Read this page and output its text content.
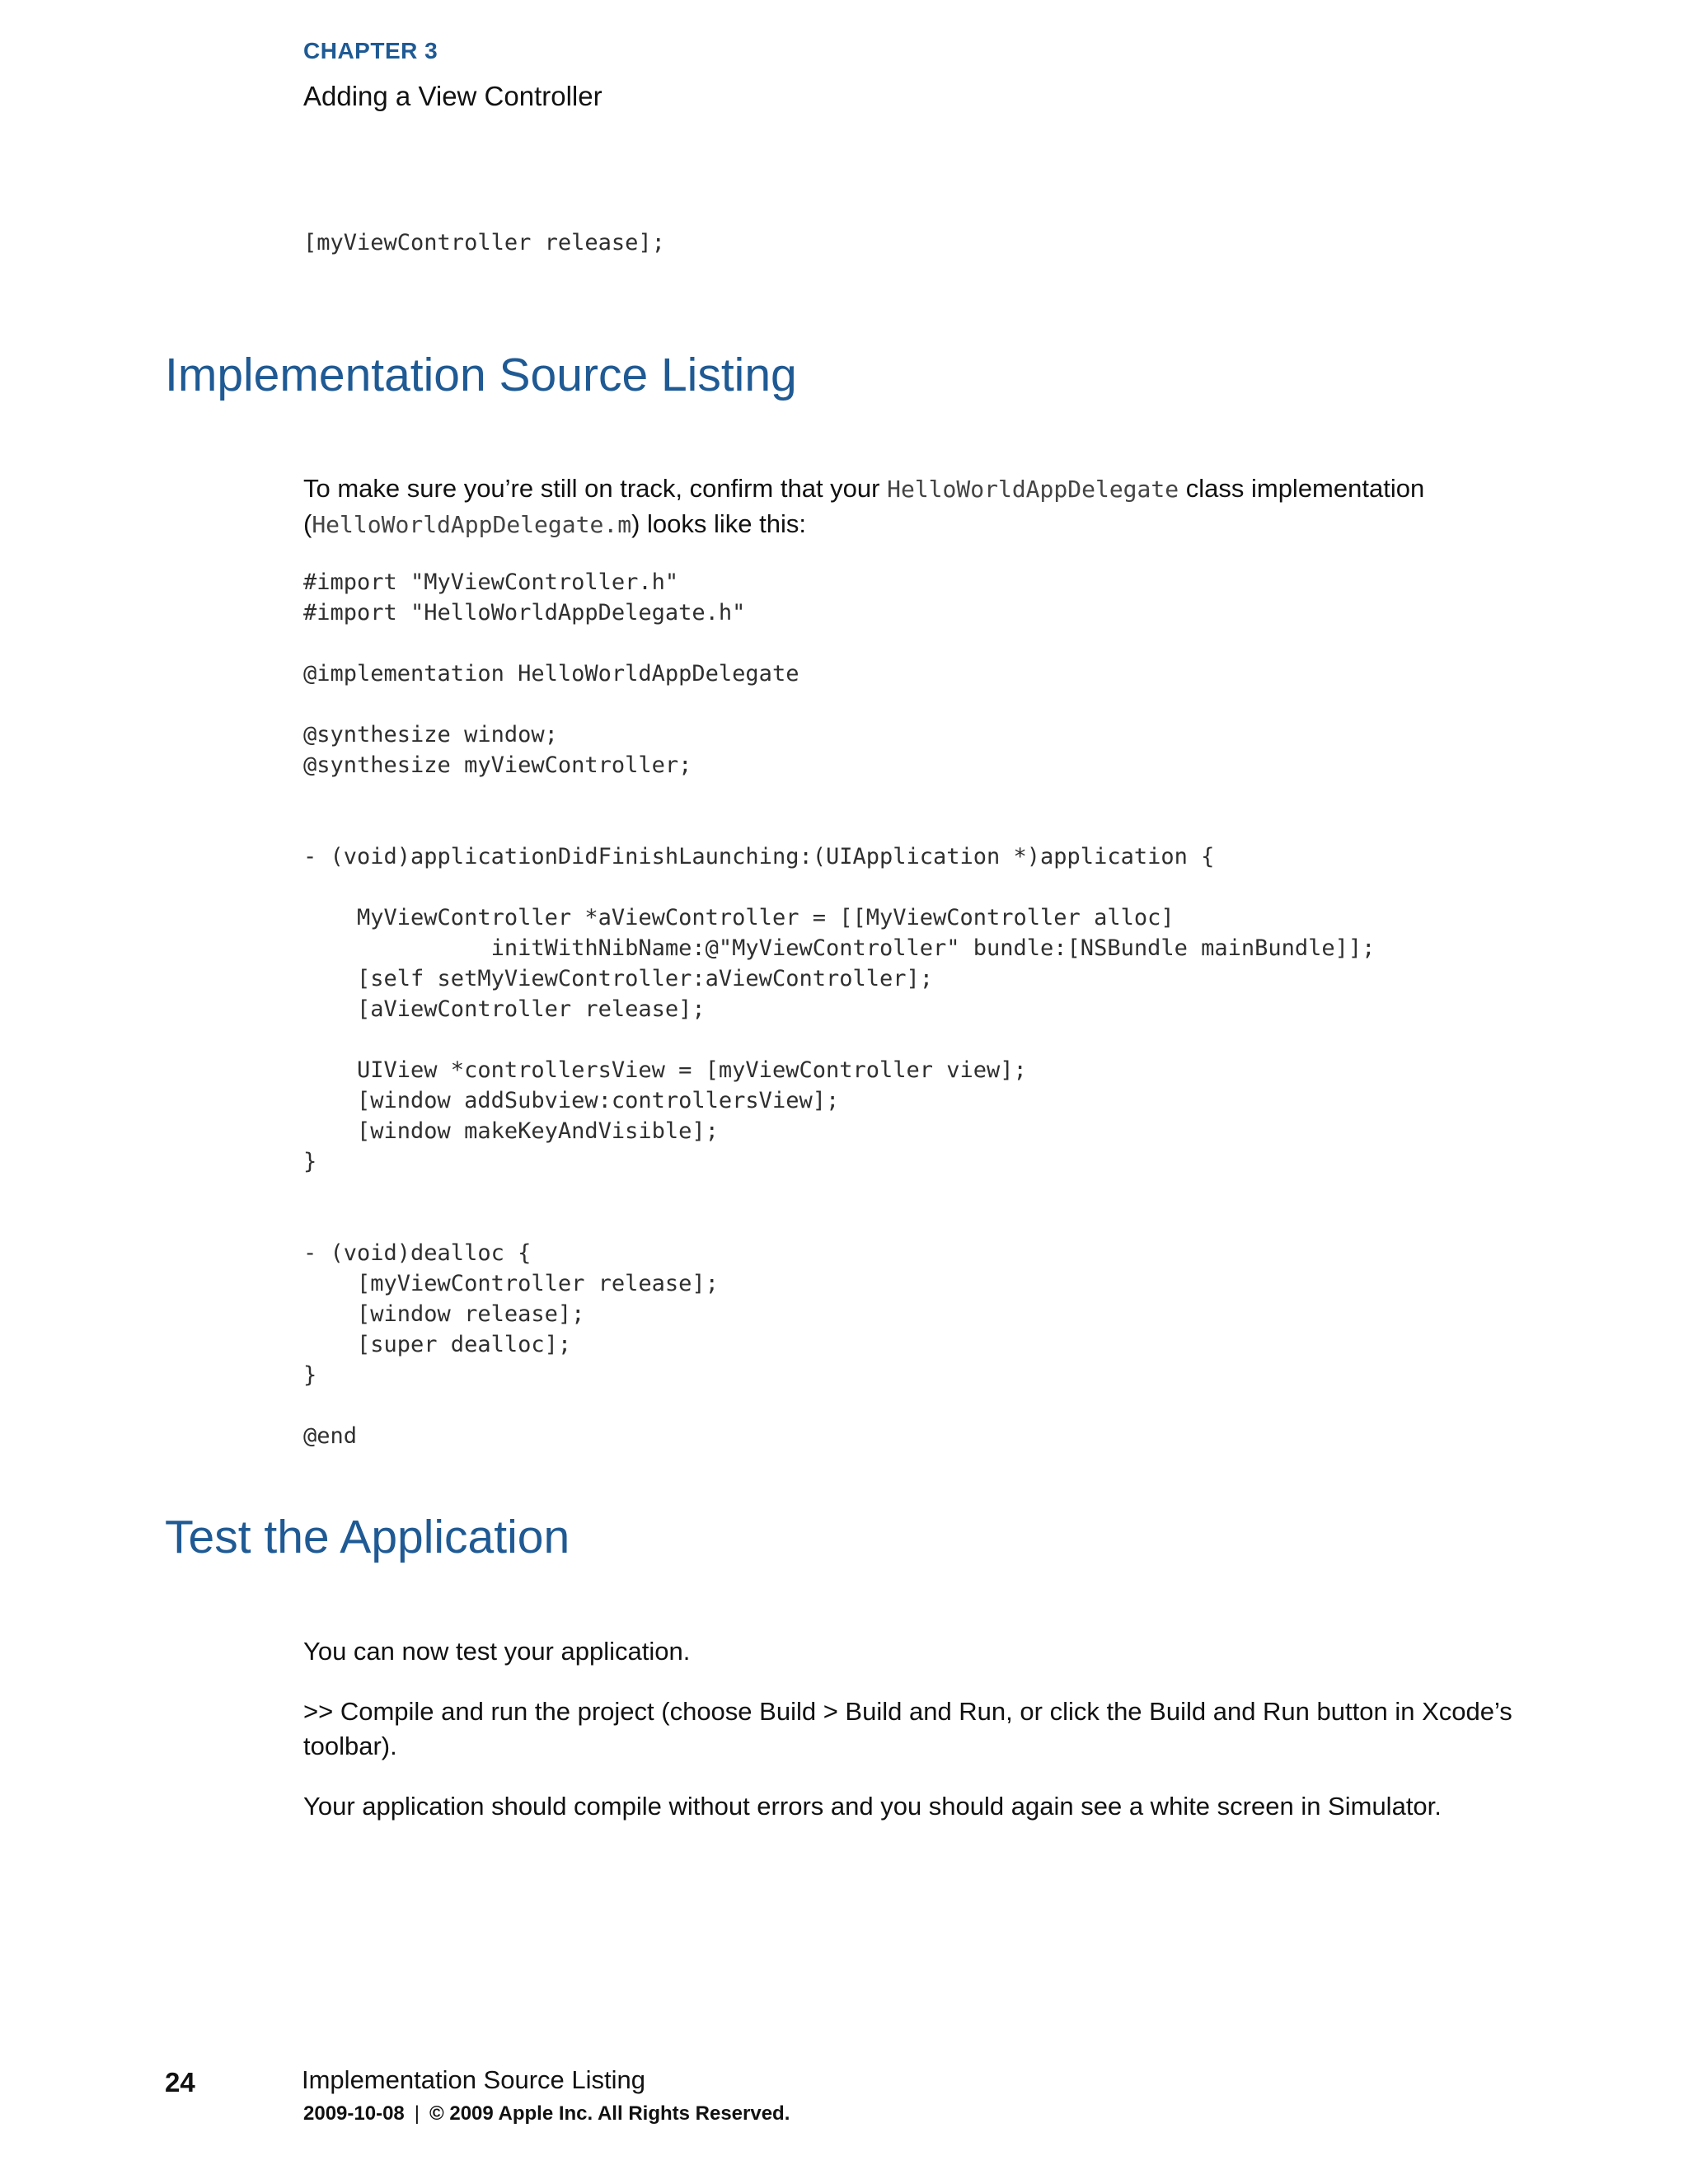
CHAPTER 3
Adding a View Controller
[myViewController release];
Implementation Source Listing

To make sure you’re still on track, confirm that your HelloWorldAppDelegate class implementation
(HelloWorldAppDelegate.m) looks like this:

#import "MyViewController.h"
#import "HelloWorldAppDelegate.h"

@implementation HelloWorldAppDelegate

@synthesize window;
@synthesize myViewController;

- (void)applicationDidFinishLaunching:(UIApplication *)application {

MyViewController *aViewController = [[MyViewController alloc]
initWithNibName:@"MyViewController" bundle:[NSBundle mainBundle]];
[self setMyViewController:aViewController];
[aViewController release];

UIView *controllersView = [myViewController view];
[window addSubview:controllersView];
[window makeKeyAndVisible];
}

- (void)dealloc {
[myViewController release];
[window release];
[super dealloc];
}

@end
Test the Application

You can now test your application.

>> Compile and run the project (choose Build > Build and Run, or click the Build and Run button in Xcode’s toolbar).

Your application should compile without errors and you should again see a white screen in Simulator.

24	Implementation Source Listing
2009-10-08 | © 2009 Apple Inc. All Rights Reserved.
